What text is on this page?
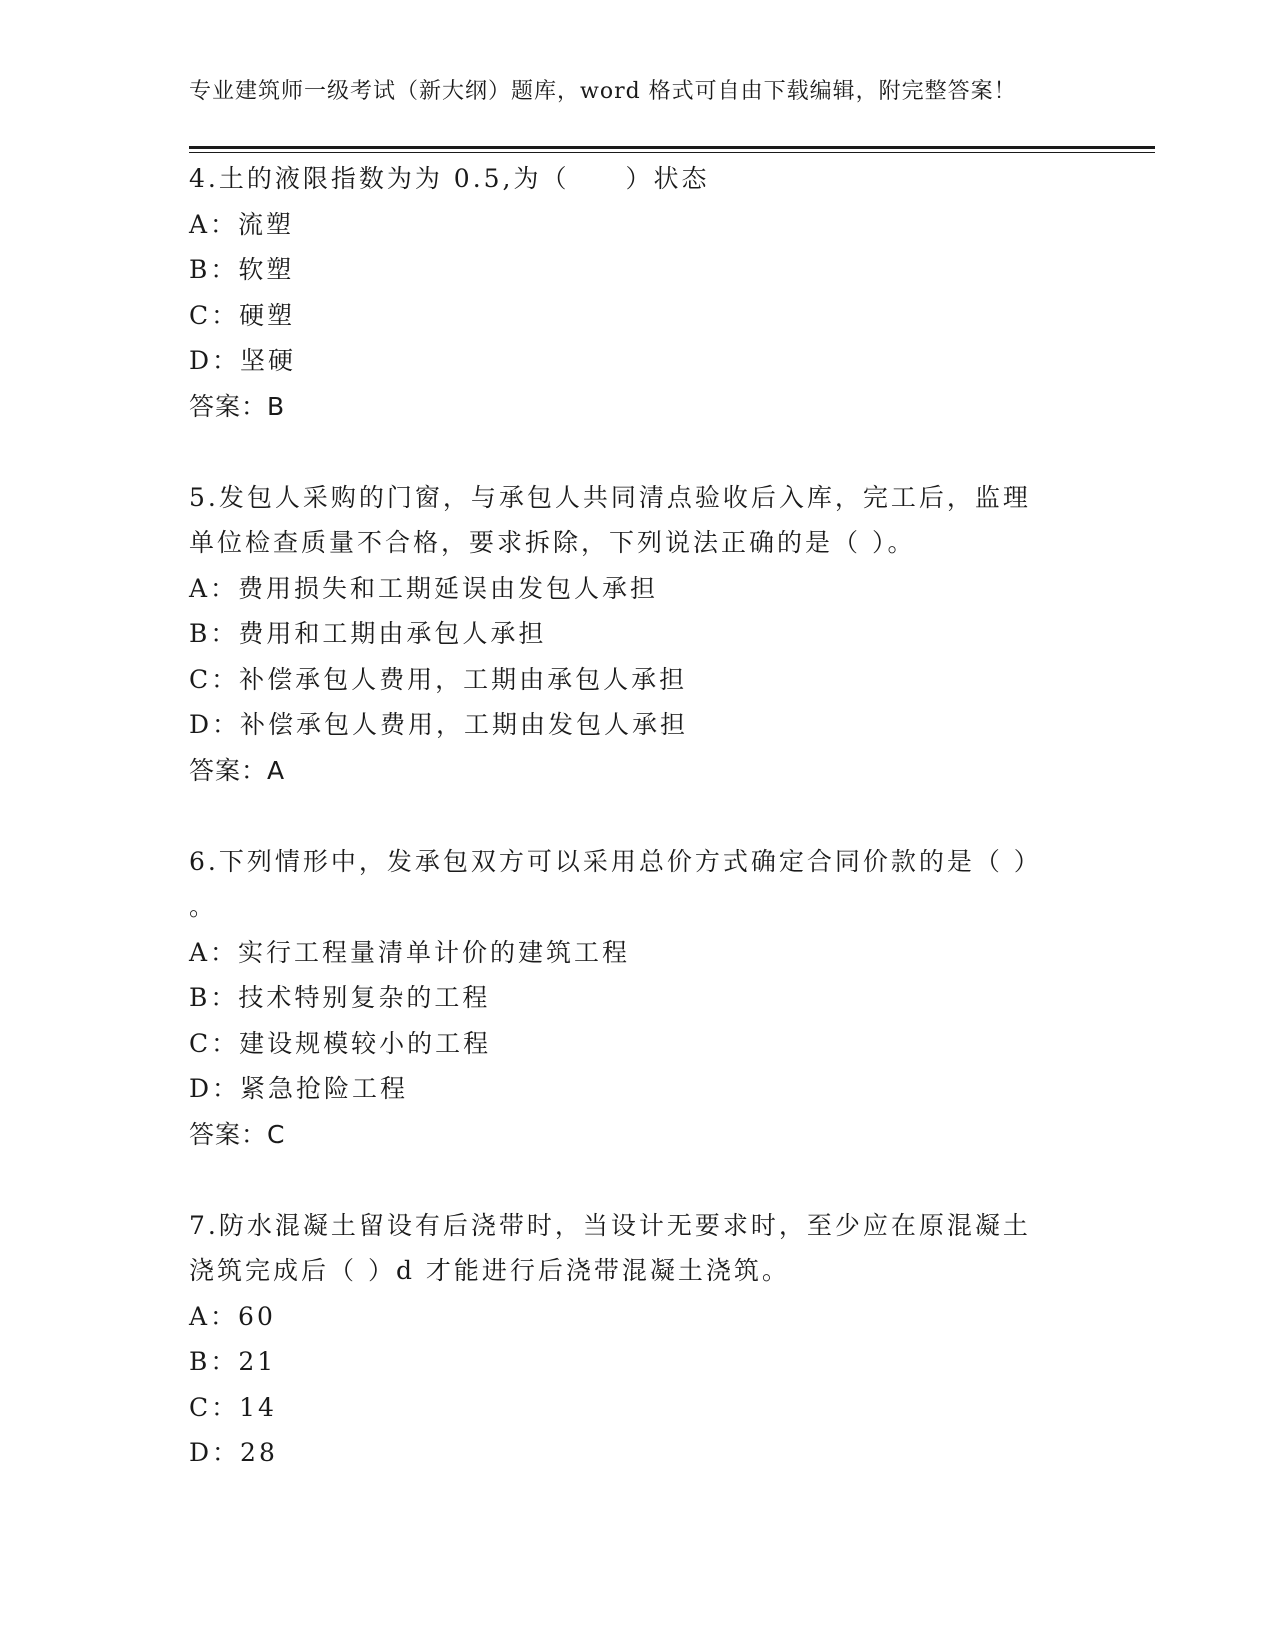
专业建筑师一级考试（新大纲）题库，word 格式可自由下载编辑，附完整答案！
4.土的液限指数为为 0.5,为（　　）状态
A：流塑
B：软塑
C：硬塑
D：坚硬
答案：B
5.发包人采购的门窗，与承包人共同清点验收后入库，完工后，监理
单位检查质量不合格，要求拆除，下列说法正确的是（ ）。
A：费用损失和工期延误由发包人承担
B：费用和工期由承包人承担
C：补偿承包人费用，工期由承包人承担
D：补偿承包人费用，工期由发包人承担
答案：A
6.下列情形中，发承包双方可以采用总价方式确定合同价款的是（ ）
。
A：实行工程量清单计价的建筑工程
B：技术特别复杂的工程
C：建设规模较小的工程
D：紧急抢险工程
答案：C
7.防水混凝土留设有后浇带时，当设计无要求时，至少应在原混凝土
浇筑完成后（ ）d 才能进行后浇带混凝土浇筑。
A：60
B：21
C：14
D：28
